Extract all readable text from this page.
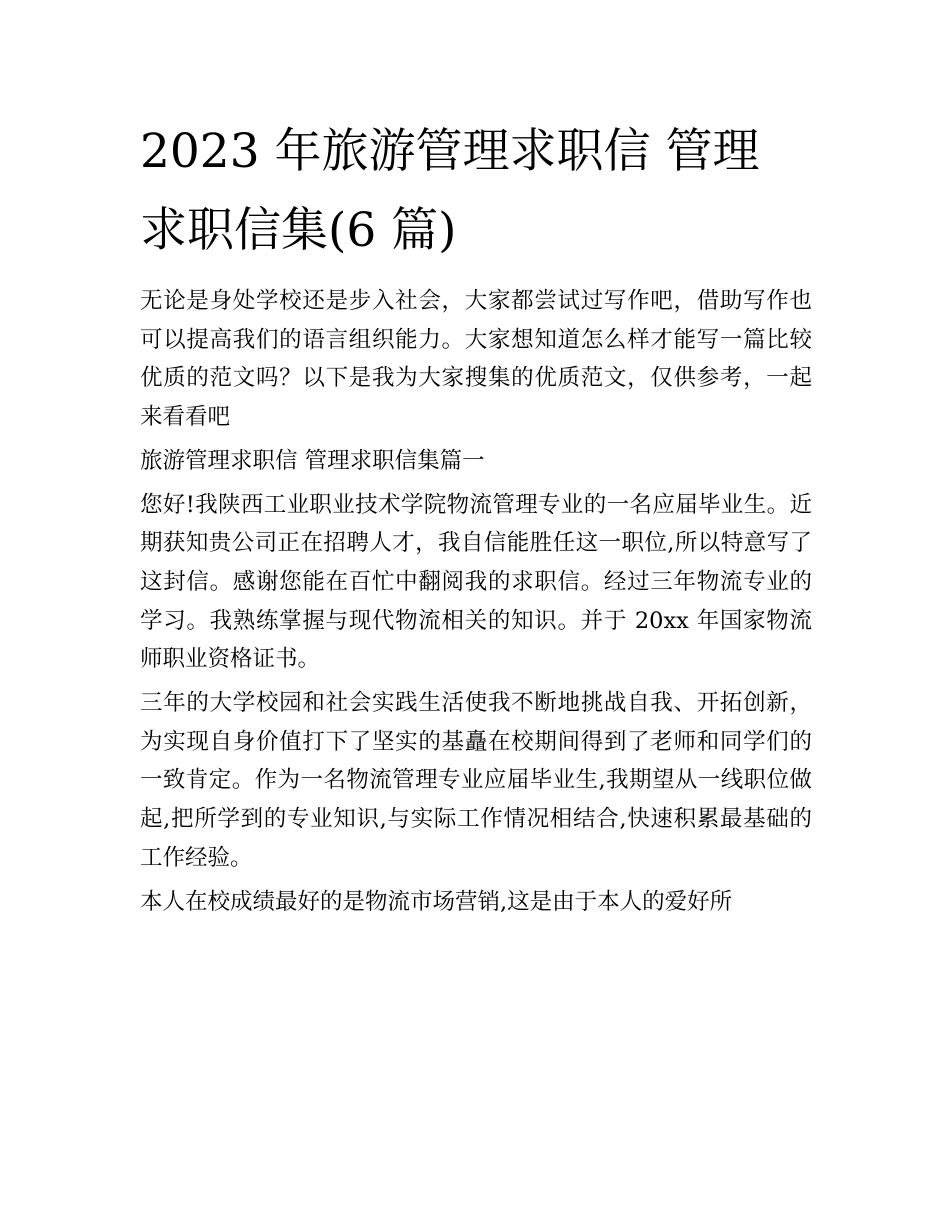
2023 年旅游管理求职信 管理
求职信集(6 篇)

无论是身处学校还是步入社会，大家都尝试过写作吧，借助写作也可以提高我们的语言组织能力。大家想知道怎么样才能写一篇比较优质的范文吗？以下是我为大家搜集的优质范文，仅供参考，一起来看看吧

旅游管理求职信 管理求职信集篇一

您好!我陕西工业职业技术学院物流管理专业的一名应届毕业生。近期获知贵公司正在招聘人才，我自信能胜任这一职位,所以特意写了这封信。感谢您能在百忙中翻阅我的求职信。经过三年物流专业的学习。我熟练掌握与现代物流相关的知识。并于 20xx 年国家物流师职业资格证书。

三年的大学校园和社会实践生活使我不断地挑战自我、开拓创新，为实现自身价值打下了坚实的基矗在校期间得到了老师和同学们的一致肯定。作为一名物流管理专业应届毕业生,我期望从一线职位做起,把所学到的专业知识,与实际工作情况相结合,快速积累最基础的工作经验。

本人在校成绩最好的是物流市场营销,这是由于本人的爱好所
